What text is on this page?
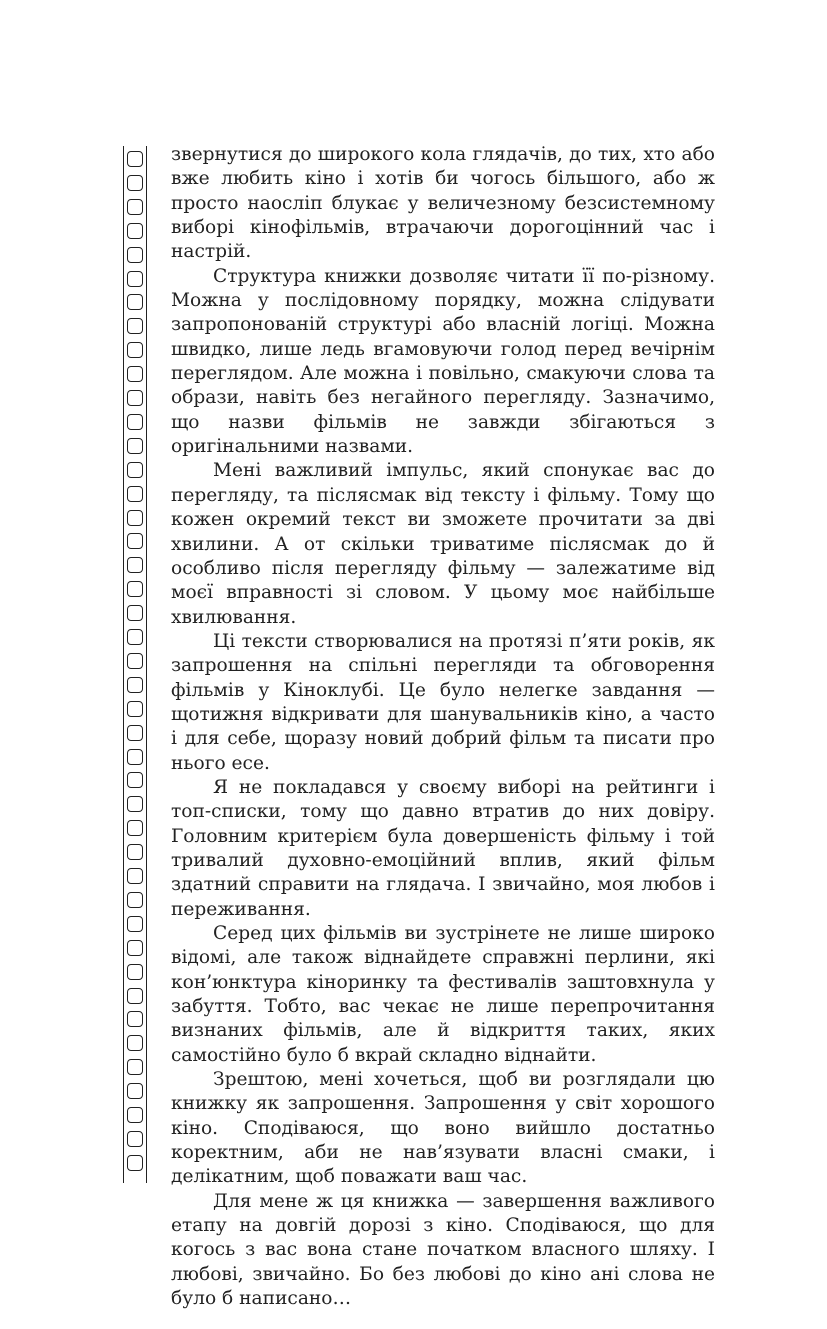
звернутися до широкого кола глядачів, до тих, хто або вже любить кіно і хотів би чогось більшого, або ж просто наосліп блукає у величезному безсистемному виборі кінофільмів, втрачаючи дорогоцінний час і настрій.

Структура книжки дозволяє читати її по-різному. Можна у послідовному порядку, можна слідувати запропонованій структурі або власній логіці. Можна швидко, лише ледь вгамовуючи голод перед вечірнім переглядом. Але можна і повільно, смакуючи слова та образи, навіть без негайного перегляду. Зазначимо, що назви фільмів не завжди збігаються з оригінальними назвами.

Мені важливий імпульс, який спонукає вас до перегляду, та післясмак від тексту і фільму. Тому що кожен окремий текст ви зможете прочитати за дві хвилини. А от скільки триватиме післясмак до й особливо після перегляду фільму — залежатиме від моєї вправності зі словом. У цьому моє найбільше хвилювання.

Ці тексти створювалися на протязі п’яти років, як запрошення на спільні перегляди та обговорення фільмів у Кіноклубі. Це було нелегке завдання — щотижня відкривати для шанувальників кіно, а часто і для себе, щоразу новий добрий фільм та писати про нього есе.

Я не покладався у своєму виборі на рейтинги і топ-списки, тому що давно втратив до них довіру. Головним критерієм була довершеність фільму і той тривалий духовно-емоційний вплив, який фільм здатний справити на глядача. І звичайно, моя любов і переживання.

Серед цих фільмів ви зустрінете не лише широко відомі, але також віднайдете справжні перлини, які кон’юнктура кіноринку та фестивалів заштовхнула у забуття. Тобто, вас чекає не лише перепрочитання визнаних фільмів, але й відкриття таких, яких самостійно було б вкрай складно віднайти.

Зрештою, мені хочеться, щоб ви розглядали цю книжку як запрошення. Запрошення у світ хорошого кіно. Сподіваюся, що воно вийшло достатньо коректним, аби не нав’язувати власні смаки, і делікатним, щоб поважати ваш час.

Для мене ж ця книжка — завершення важливого етапу на довгій дорозі з кіно. Сподіваюся, що для когось з вас вона стане початком власного шляху. І любові, звичайно. Бо без любові до кіно ані слова не було б написано…
